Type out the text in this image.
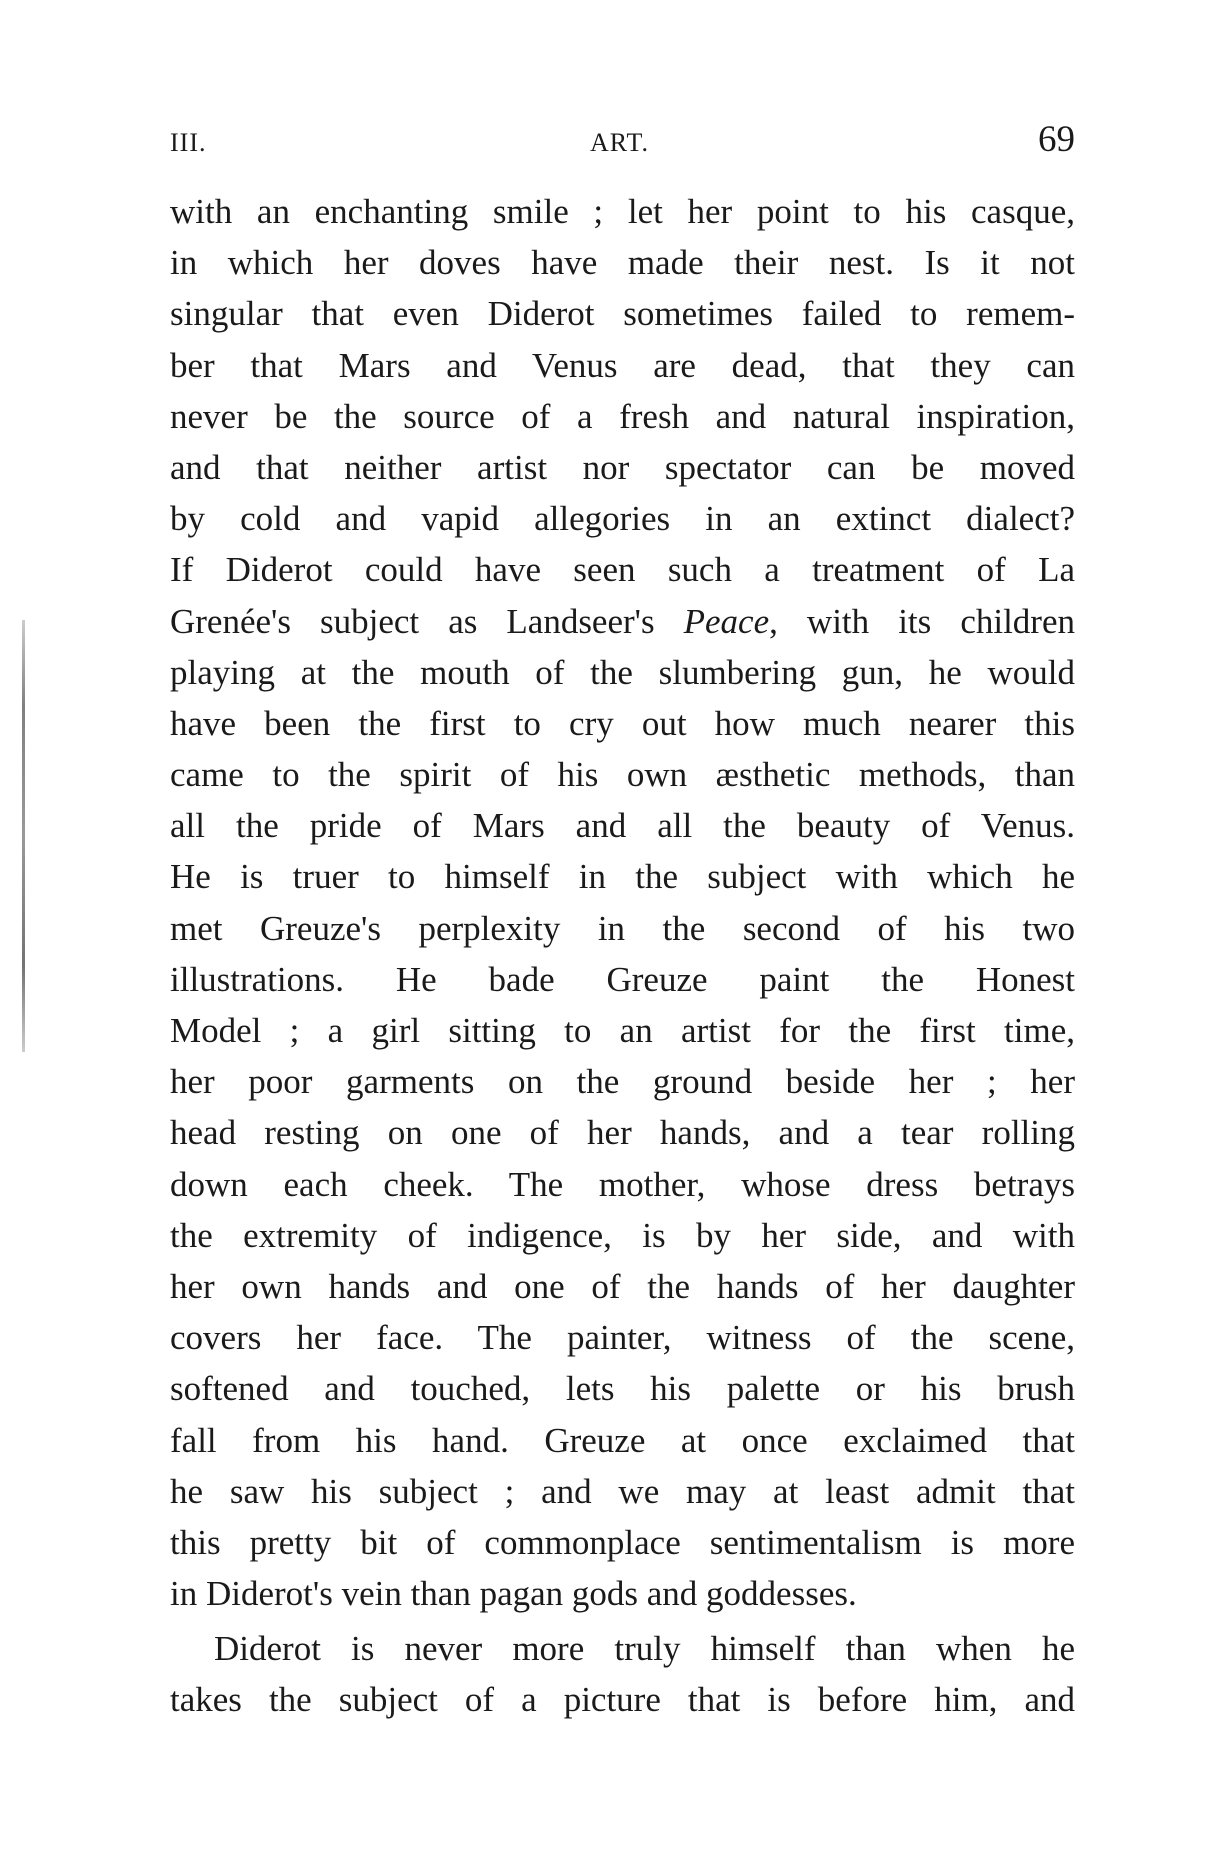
III.	ART.	69
with an enchanting smile ; let her point to his casque,
in which her doves have made their nest. Is it not
singular that even Diderot sometimes failed to remem-
ber that Mars and Venus are dead, that they can
never be the source of a fresh and natural inspiration,
and that neither artist nor spectator can be moved
by cold and vapid allegories in an extinct dialect?
If Diderot could have seen such a treatment of La
Grenée's subject as Landseer's Peace, with its children
playing at the mouth of the slumbering gun, he would
have been the first to cry out how much nearer this
came to the spirit of his own æsthetic methods, than
all the pride of Mars and all the beauty of Venus.
He is truer to himself in the subject with which he
met Greuze's perplexity in the second of his two
illustrations. He bade Greuze paint the Honest
Model ; a girl sitting to an artist for the first time,
her poor garments on the ground beside her ; her
head resting on one of her hands, and a tear rolling
down each cheek. The mother, whose dress betrays
the extremity of indigence, is by her side, and with
her own hands and one of the hands of her daughter
covers her face. The painter, witness of the scene,
softened and touched, lets his palette or his brush
fall from his hand. Greuze at once exclaimed that
he saw his subject ; and we may at least admit that
this pretty bit of commonplace sentimentalism is more
in Diderot's vein than pagan gods and goddesses.
Diderot is never more truly himself than when he
takes the subject of a picture that is before him, and
